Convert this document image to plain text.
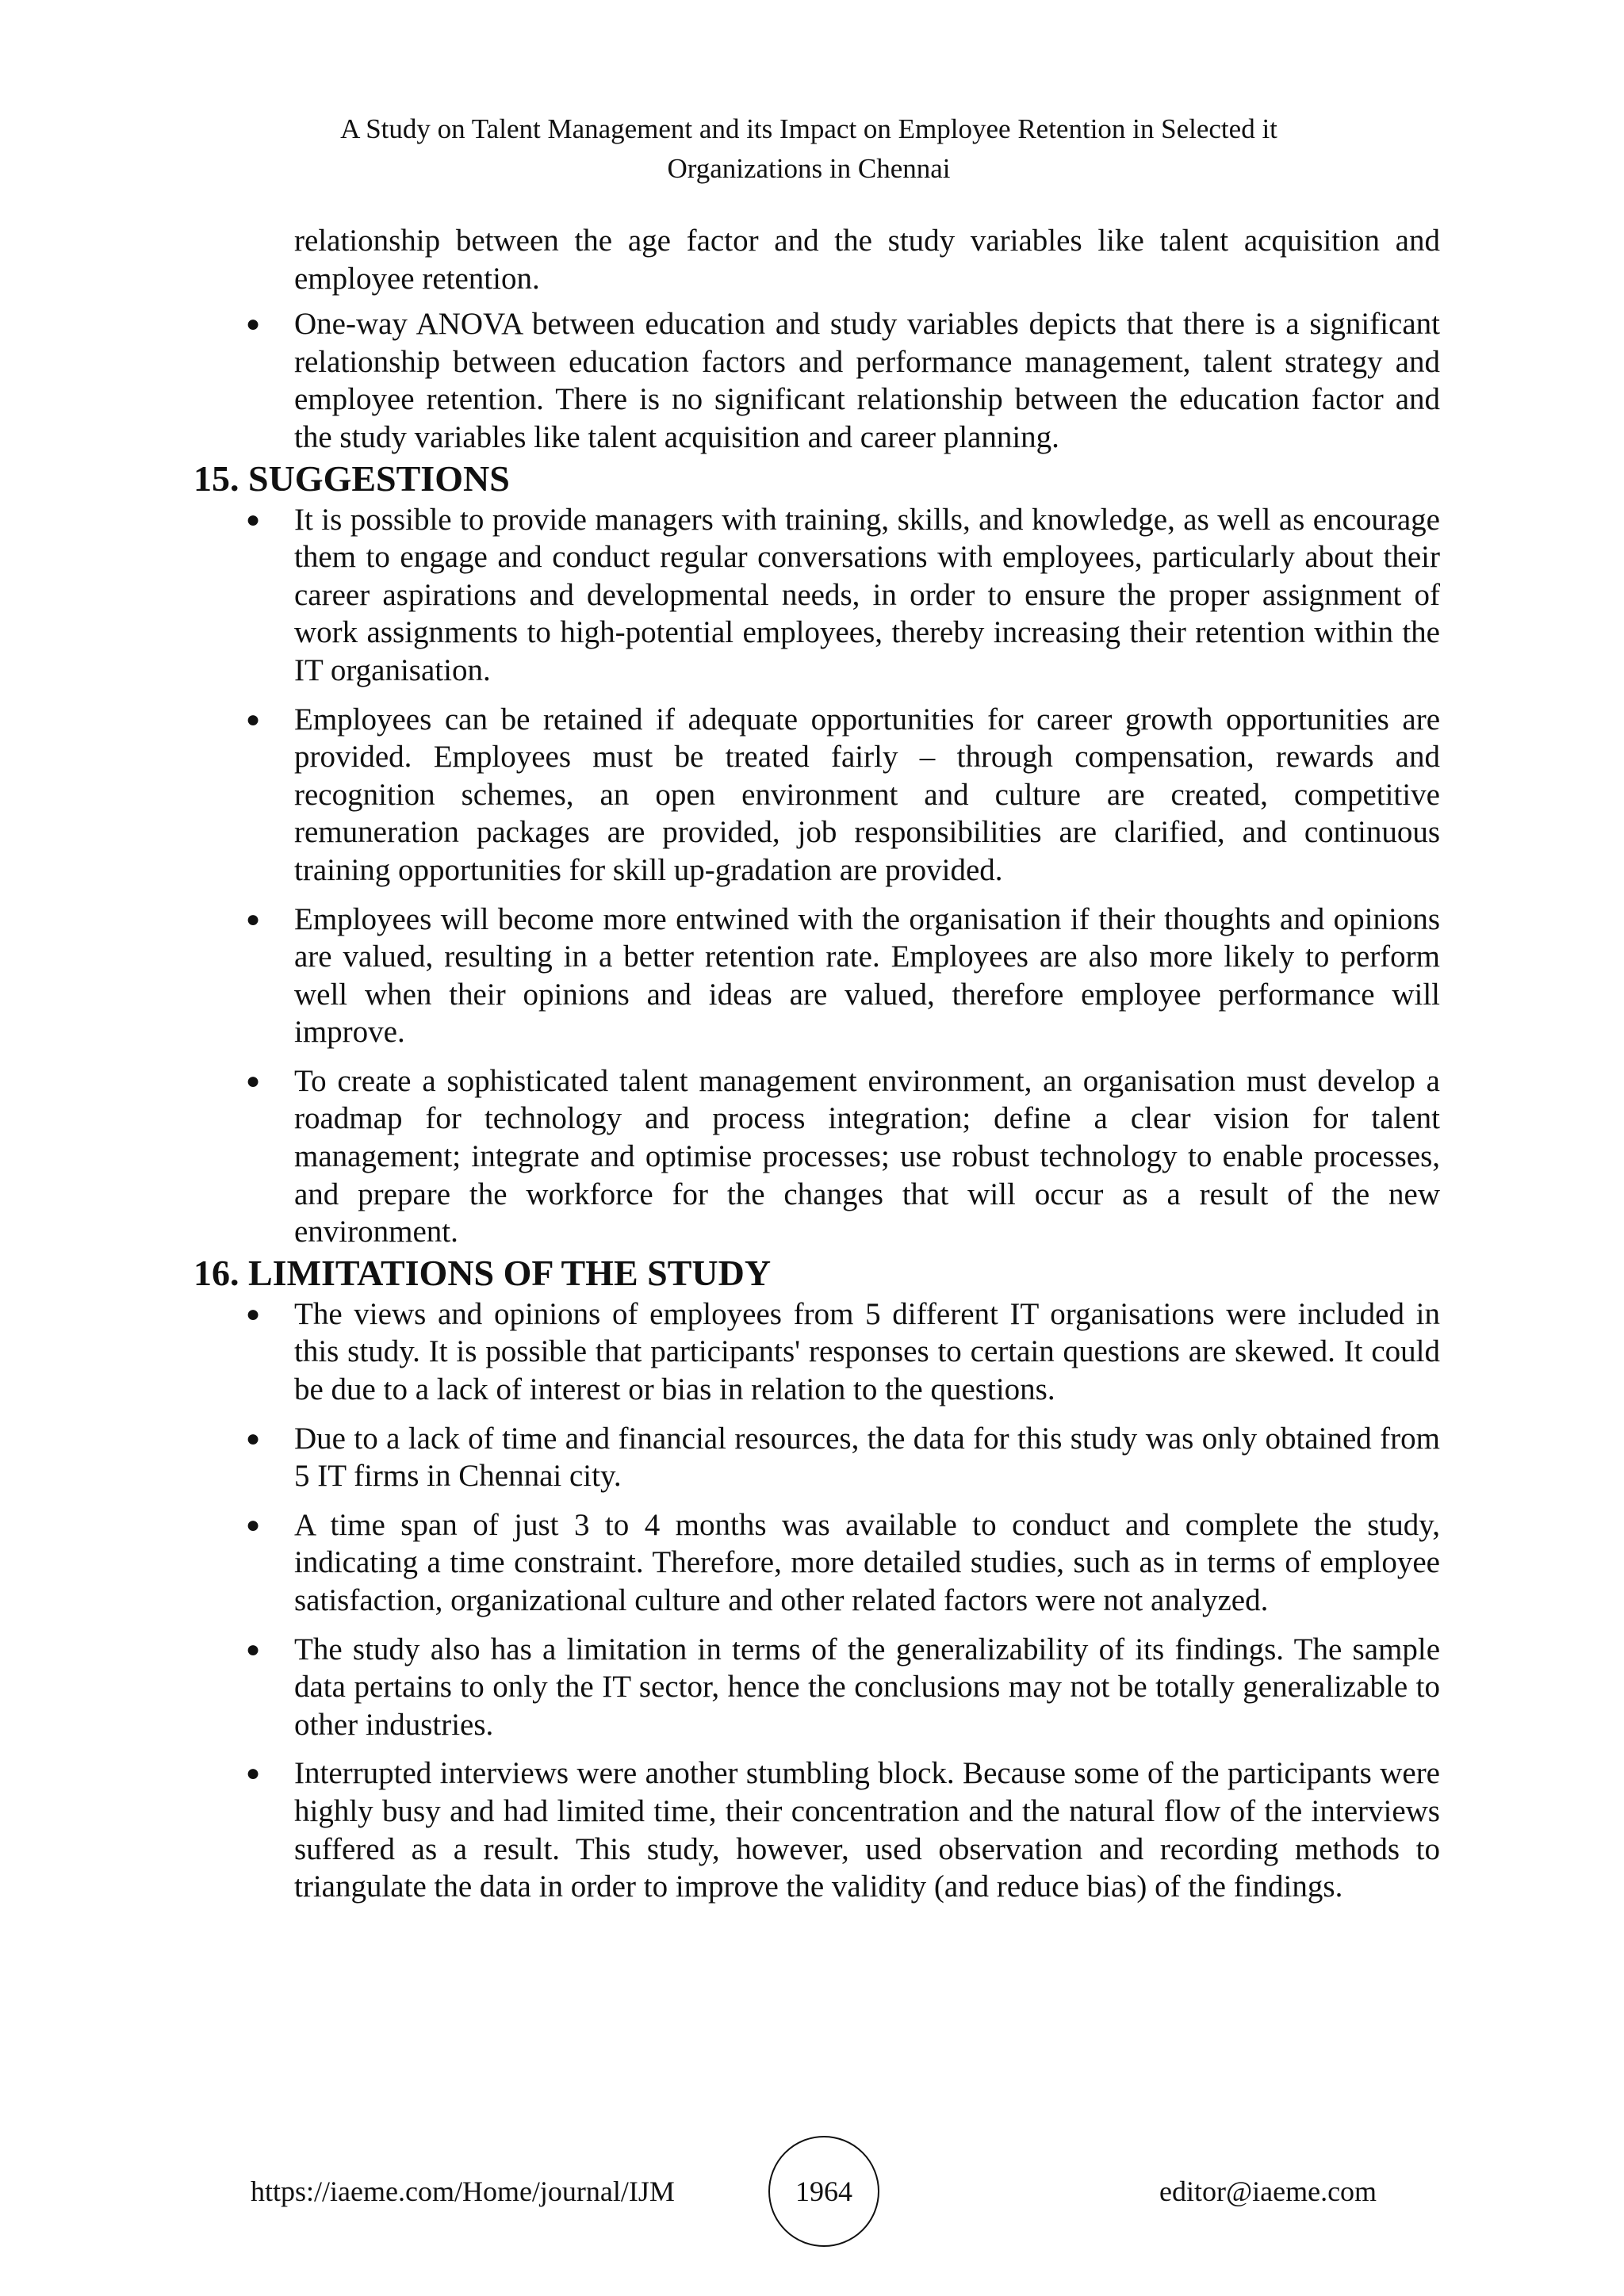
A Study on Talent Management and its Impact on Employee Retention in Selected it
Organizations in Chennai

relationship between the age factor and the study variables like talent acquisition and employee retention.

● One-way ANOVA between education and study variables depicts that there is a significant relationship between education factors and performance management, talent strategy and employee retention. There is no significant relationship between the education factor and the study variables like talent acquisition and career planning.
15. SUGGESTIONS
● It is possible to provide managers with training, skills, and knowledge, as well as encourage them to engage and conduct regular conversations with employees, particularly about their career aspirations and developmental needs, in order to ensure the proper assignment of work assignments to high-potential employees, thereby increasing their retention within the IT organisation.
● Employees can be retained if adequate opportunities for career growth opportunities are provided. Employees must be treated fairly – through compensation, rewards and recognition schemes, an open environment and culture are created, competitive remuneration packages are provided, job responsibilities are clarified, and continuous training opportunities for skill up-gradation are provided.
● Employees will become more entwined with the organisation if their thoughts and opinions are valued, resulting in a better retention rate. Employees are also more likely to perform well when their opinions and ideas are valued, therefore employee performance will improve.
● To create a sophisticated talent management environment, an organisation must develop a roadmap for technology and process integration; define a clear vision for talent management; integrate and optimise processes; use robust technology to enable processes, and prepare the workforce for the changes that will occur as a result of the new environment.
16. LIMITATIONS OF THE STUDY
● The views and opinions of employees from 5 different IT organisations were included in this study. It is possible that participants' responses to certain questions are skewed. It could be due to a lack of interest or bias in relation to the questions.
● Due to a lack of time and financial resources, the data for this study was only obtained from 5 IT firms in Chennai city.
● A time span of just 3 to 4 months was available to conduct and complete the study, indicating a time constraint. Therefore, more detailed studies, such as in terms of employee satisfaction, organizational culture and other related factors were not analyzed.
● The study also has a limitation in terms of the generalizability of its findings. The sample data pertains to only the IT sector, hence the conclusions may not be totally generalizable to other industries.
● Interrupted interviews were another stumbling block. Because some of the participants were highly busy and had limited time, their concentration and the natural flow of the interviews suffered as a result. This study, however, used observation and recording methods to triangulate the data in order to improve the validity (and reduce bias) of the findings.
https://iaeme.com/Home/journal/IJM	1964	editor@iaeme.com
